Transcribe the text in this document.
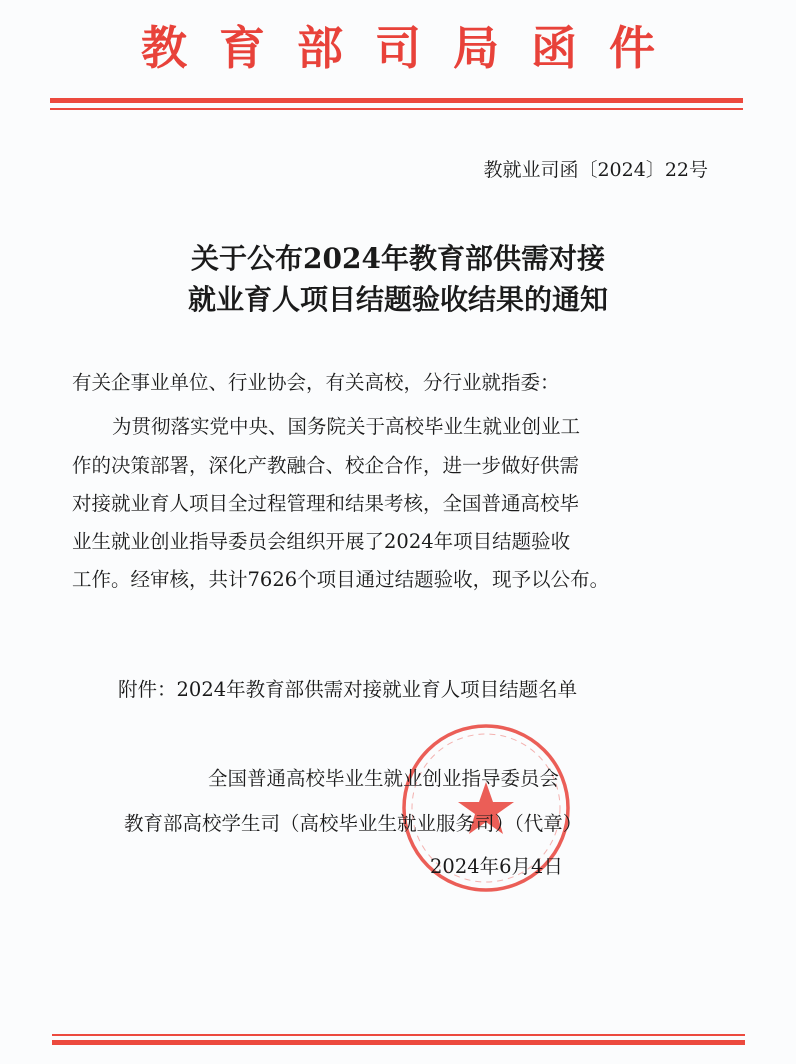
教育部司局函件
教就业司函〔2024〕22号
关于公布2024年教育部供需对接
就业育人项目结题验收结果的通知
有关企事业单位、行业协会，有关高校，分行业就指委：
为贯彻落实党中央、国务院关于高校毕业生就业创业工
作的决策部署，深化产教融合、校企合作，进一步做好供需
对接就业育人项目全过程管理和结果考核，全国普通高校毕
业生就业创业指导委员会组织开展了2024年项目结题验收
工作。经审核，共计7626个项目通过结题验收，现予以公布。
附件：2024年教育部供需对接就业育人项目结题名单
全国普通高校毕业生就业创业指导委员会
教育部高校学生司（高校毕业生就业服务司）（代章）
2024年6月4日
